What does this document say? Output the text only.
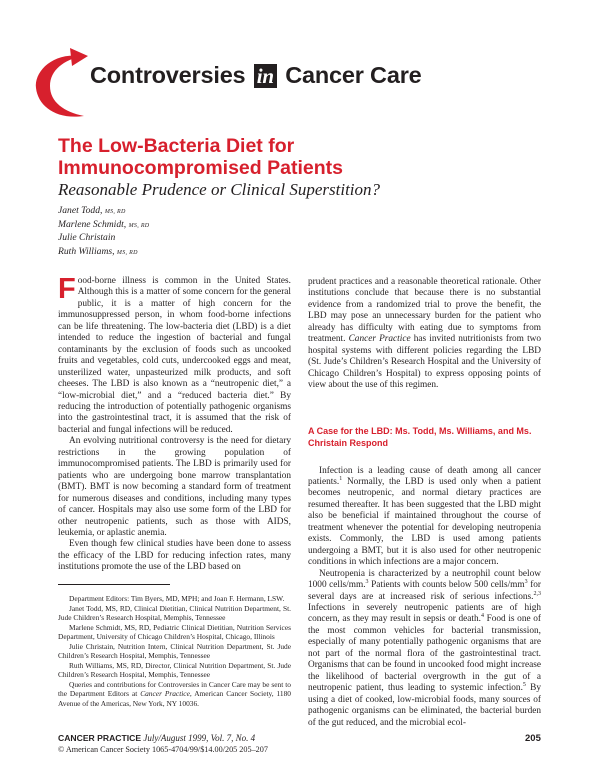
Controversies in Cancer Care
The Low-Bacteria Diet for Immunocompromised Patients
Reasonable Prudence or Clinical Superstition?
Janet Todd, MS, RD
Marlene Schmidt, MS, RD
Julie Christain
Ruth Williams, MS, RD

Food-borne illness is common in the United States. Although this is a matter of some concern for the general public, it is a matter of high concern for the immunosuppressed person, in whom food-borne infections can be life threatening. The low-bacteria diet (LBD) is a diet intended to reduce the ingestion of bacterial and fungal contaminants by the exclusion of foods such as uncooked fruits and vegetables, cold cuts, undercooked eggs and meat, unsterilized water, unpasteurized milk products, and soft cheeses. The LBD is also known as a “neutropenic diet,” a “low-microbial diet,” and a “reduced bacteria diet.” By reducing the introduction of potentially pathogenic organisms into the gastrointestinal tract, it is assumed that the risk of bacterial and fungal infections will be reduced.

An evolving nutritional controversy is the need for dietary restrictions in the growing population of immunocompromised patients. The LBD is primarily used for patients who are undergoing bone marrow transplantation (BMT). BMT is now becoming a standard form of treatment for numerous diseases and conditions, including many types of cancer. Hospitals may also use some form of the LBD for other neutropenic patients, such as those with AIDS, leukemia, or aplastic anemia.

Even though few clinical studies have been done to assess the efficacy of the LBD for reducing infection rates, many institutions promote the use of the LBD based on

prudent practices and a reasonable theoretical rationale. Other institutions conclude that because there is no substantial evidence from a randomized trial to prove the benefit, the LBD may pose an unnecessary burden for the patient who already has difficulty with eating due to symptoms from treatment. Cancer Practice has invited nutritionists from two hospital systems with different policies regarding the LBD (St. Jude’s Children’s Research Hospital and the University of Chicago Children’s Hospital) to express opposing points of view about the use of this regimen.

A Case for the LBD: Ms. Todd, Ms. Williams, and Ms. Christain Respond

Infection is a leading cause of death among all cancer patients.$^1$ Normally, the LBD is used only when a patient becomes neutropenic, and normal dietary practices are resumed thereafter. It has been suggested that the LBD might also be beneficial if maintained throughout the course of treatment whenever the potential for developing neutropenia exists. Commonly, the LBD is used among patients undergoing a BMT, but it is also used for other neutropenic conditions in which infections are a major concern.

Neutropenia is characterized by a neutrophil count below 1000 cells/mm.$^3$ Patients with counts below 500 cells/$mm^3$ for several days are at increased risk of serious infections.$^{2,3}$ Infections in severely neutropenic patients are of high concern, as they may result in sepsis or death.$^4$ Food is one of the most common vehicles for bacterial transmission, especially of many potentially pathogenic organisms that are not part of the normal flora of the gastrointestinal tract. Organisms that can be found in uncooked food might increase the likelihood of bacterial overgrowth in the gut of a neutropenic patient, thus leading to systemic infection.$^5$ By using a diet of cooked, low-microbial foods, many sources of pathogenic organisms can be eliminated, the bacterial burden of the gut reduced, and the microbial ecol-

Department Editors: Tim Byers, MD, MPH; and Joan F. Hermann, LSW.

Janet Todd, MS, RD, Clinical Dietitian, Clinical Nutrition Department, St. Jude Children’s Research Hospital, Memphis, Tennessee

Marlene Schmidt, MS, RD, Pediatric Clinical Dietitian, Nutrition Services Department, University of Chicago Children’s Hospital, Chicago, Illinois

Julie Christain, Nutrition Intern, Clinical Nutrition Department, St. Jude Children’s Research Hospital, Memphis, Tennessee

Ruth Williams, MS, RD, Director, Clinical Nutrition Department, St. Jude Children’s Research Hospital, Memphis, Tennessee

Queries and contributions for Controversies in Cancer Care may be sent to the Department Editors at Cancer Practice, American Cancer Society, 1180 Avenue of the Americas, New York, NY 10036.

CANCER PRACTICE July/August 1999, Vol. 7, No. 4
© American Cancer Society 1065-4704/99/$14.00/205 205–207
205
